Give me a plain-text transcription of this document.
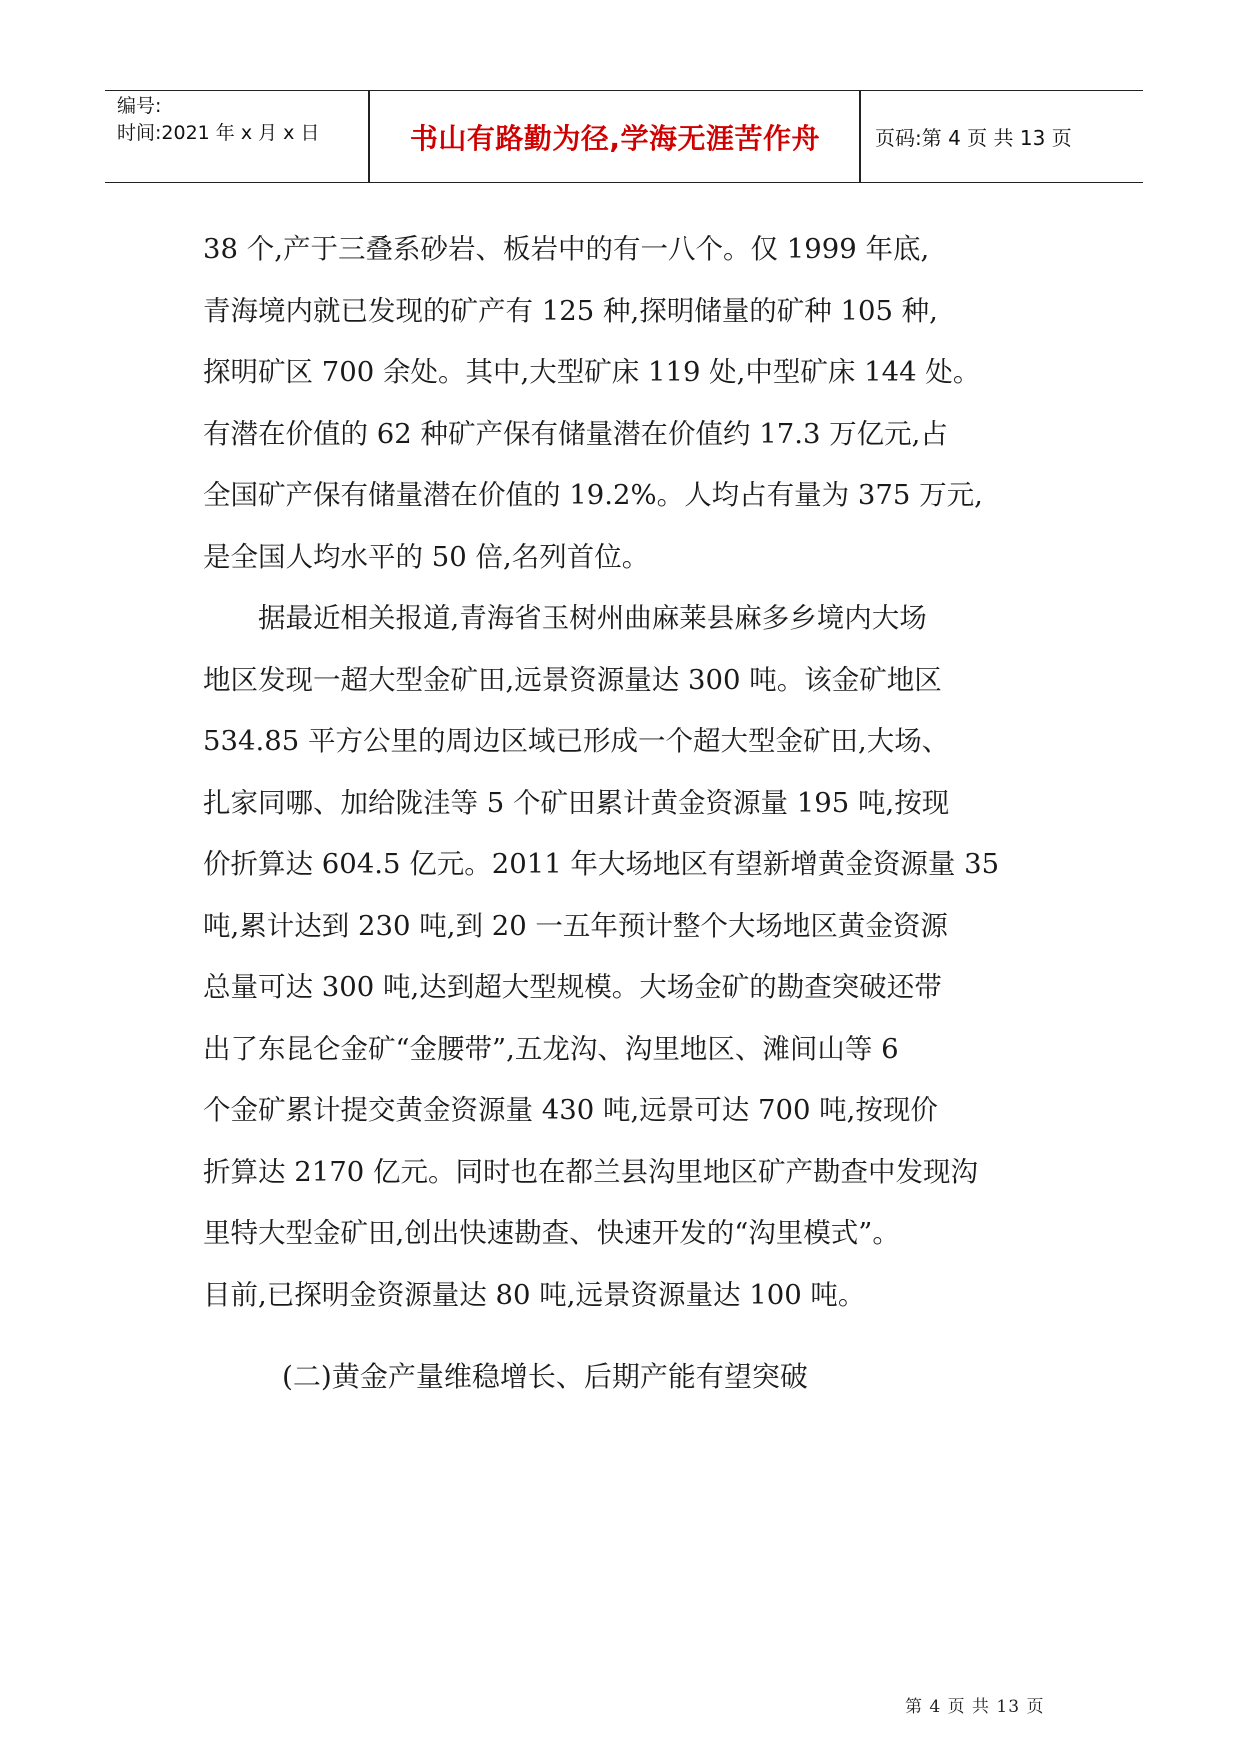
编号:
时间:2021 年 x 月 x 日	书山有路勤为径,学海无涯苦作舟	页码:第 4 页 共 13 页
38 个,产于三叠系砂岩、板岩中的有一八个。仅 1999 年底,
青海境内就已发现的矿产有 125 种,探明储量的矿种 105 种,
探明矿区 700 余处。其中,大型矿床 119 处,中型矿床 144 处。
有潜在价值的 62 种矿产保有储量潜在价值约 17.3 万亿元,占
全国矿产保有储量潜在价值的 19.2%。人均占有量为 375 万元,
是全国人均水平的 50 倍,名列首位。
据最近相关报道,青海省玉树州曲麻莱县麻多乡境内大场
地区发现一超大型金矿田,远景资源量达 300 吨。该金矿地区
534.85 平方公里的周边区域已形成一个超大型金矿田,大场、
扎家同哪、加给陇洼等 5 个矿田累计黄金资源量 195 吨,按现
价折算达 604.5 亿元。2011 年大场地区有望新增黄金资源量 35
吨,累计达到 230 吨,到 20 一五年预计整个大场地区黄金资源
总量可达 300 吨,达到超大型规模。大场金矿的勘查突破还带
出了东昆仑金矿“金腰带”,五龙沟、沟里地区、滩间山等 6
个金矿累计提交黄金资源量 430 吨,远景可达 700 吨,按现价
折算达 2170 亿元。同时也在都兰县沟里地区矿产勘查中发现沟
里特大型金矿田,创出快速勘查、快速开发的“沟里模式”。
目前,已探明金资源量达 80 吨,远景资源量达 100 吨。
(二)黄金产量维稳增长、后期产能有望突破
第 4 页 共 13 页
